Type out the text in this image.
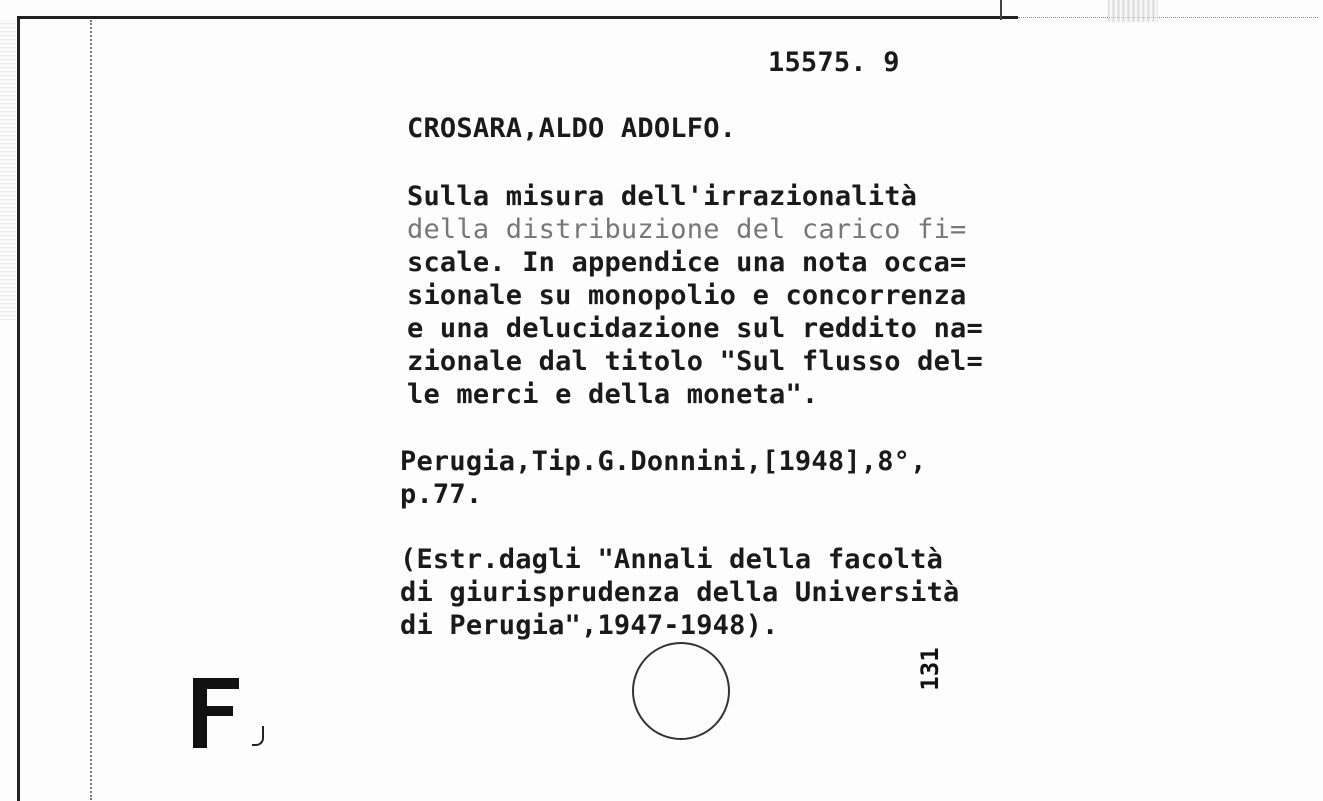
15575. 9
CROSARA,ALDO ADOLFO.
Sulla misura dell'irrazionalità
della distribuzione del carico fi=
scale. In appendice una nota occa=
sionale su monopolio e concorrenza
e una delucidazione sul reddito na=
zionale dal titolo "Sul flusso del=
le merci e della moneta".
Perugia,Tip.G.Donnini,[1948],8°,
p.77.
(Estr.dagli "Annali della facoltà
di giurisprudenza della Università
di Perugia",1947-1948).
131
